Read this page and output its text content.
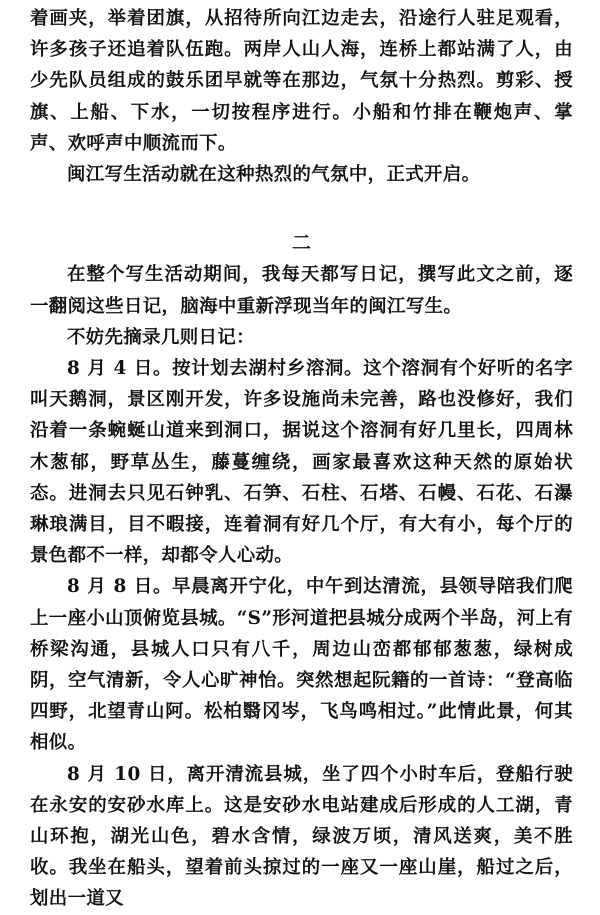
着画夹，举着团旗，从招待所向江边走去，沿途行人驻足观看，许多孩子还追着队伍跑。两岸人山人海，连桥上都站满了人，由少先队员组成的鼓乐团早就等在那边，气氛十分热烈。剪彩、授旗、上船、下水，一切按程序进行。小船和竹排在鞭炮声、掌声、欢呼声中顺流而下。

闽江写生活动就在这种热烈的气氛中，正式开启。

二

在整个写生活动期间，我每天都写日记，撰写此文之前，逐一翻阅这些日记，脑海中重新浮现当年的闽江写生。

不妨先摘录几则日记：

8 月 4 日。按计划去湖村乡溶洞。这个溶洞有个好听的名字叫天鹅洞，景区刚开发，许多设施尚未完善，路也没修好，我们沿着一条蜿蜒山道来到洞口，据说这个溶洞有好几里长，四周林木葱郁，野草丛生，藤蔓缠绕，画家最喜欢这种天然的原始状态。进洞去只见石钟乳、石笋、石柱、石塔、石幔、石花、石瀑琳琅满目，目不暇接，连着洞有好几个厅，有大有小，每个厅的景色都不一样，却都令人心动。

8 月 8 日。早晨离开宁化，中午到达清流，县领导陪我们爬上一座小山顶俯览县城。“S”形河道把县城分成两个半岛，河上有桥梁沟通，县城人口只有八千，周边山峦都郁郁葱葱，绿树成阴，空气清新，令人心旷神怡。突然想起阮籍的一首诗：“登高临四野，北望青山阿。松柏翳冈岑，飞鸟鸣相过。”此情此景，何其相似。

8 月 10 日，离开清流县城，坐了四个小时车后，登船行驶在永安的安砂水库上。这是安砂水电站建成后形成的人工湖，青山环抱，湖光山色，碧水含情，绿波万顷，清风送爽，美不胜收。我坐在船头，望着前头掠过的一座又一座山崖，船过之后，划出一道又
